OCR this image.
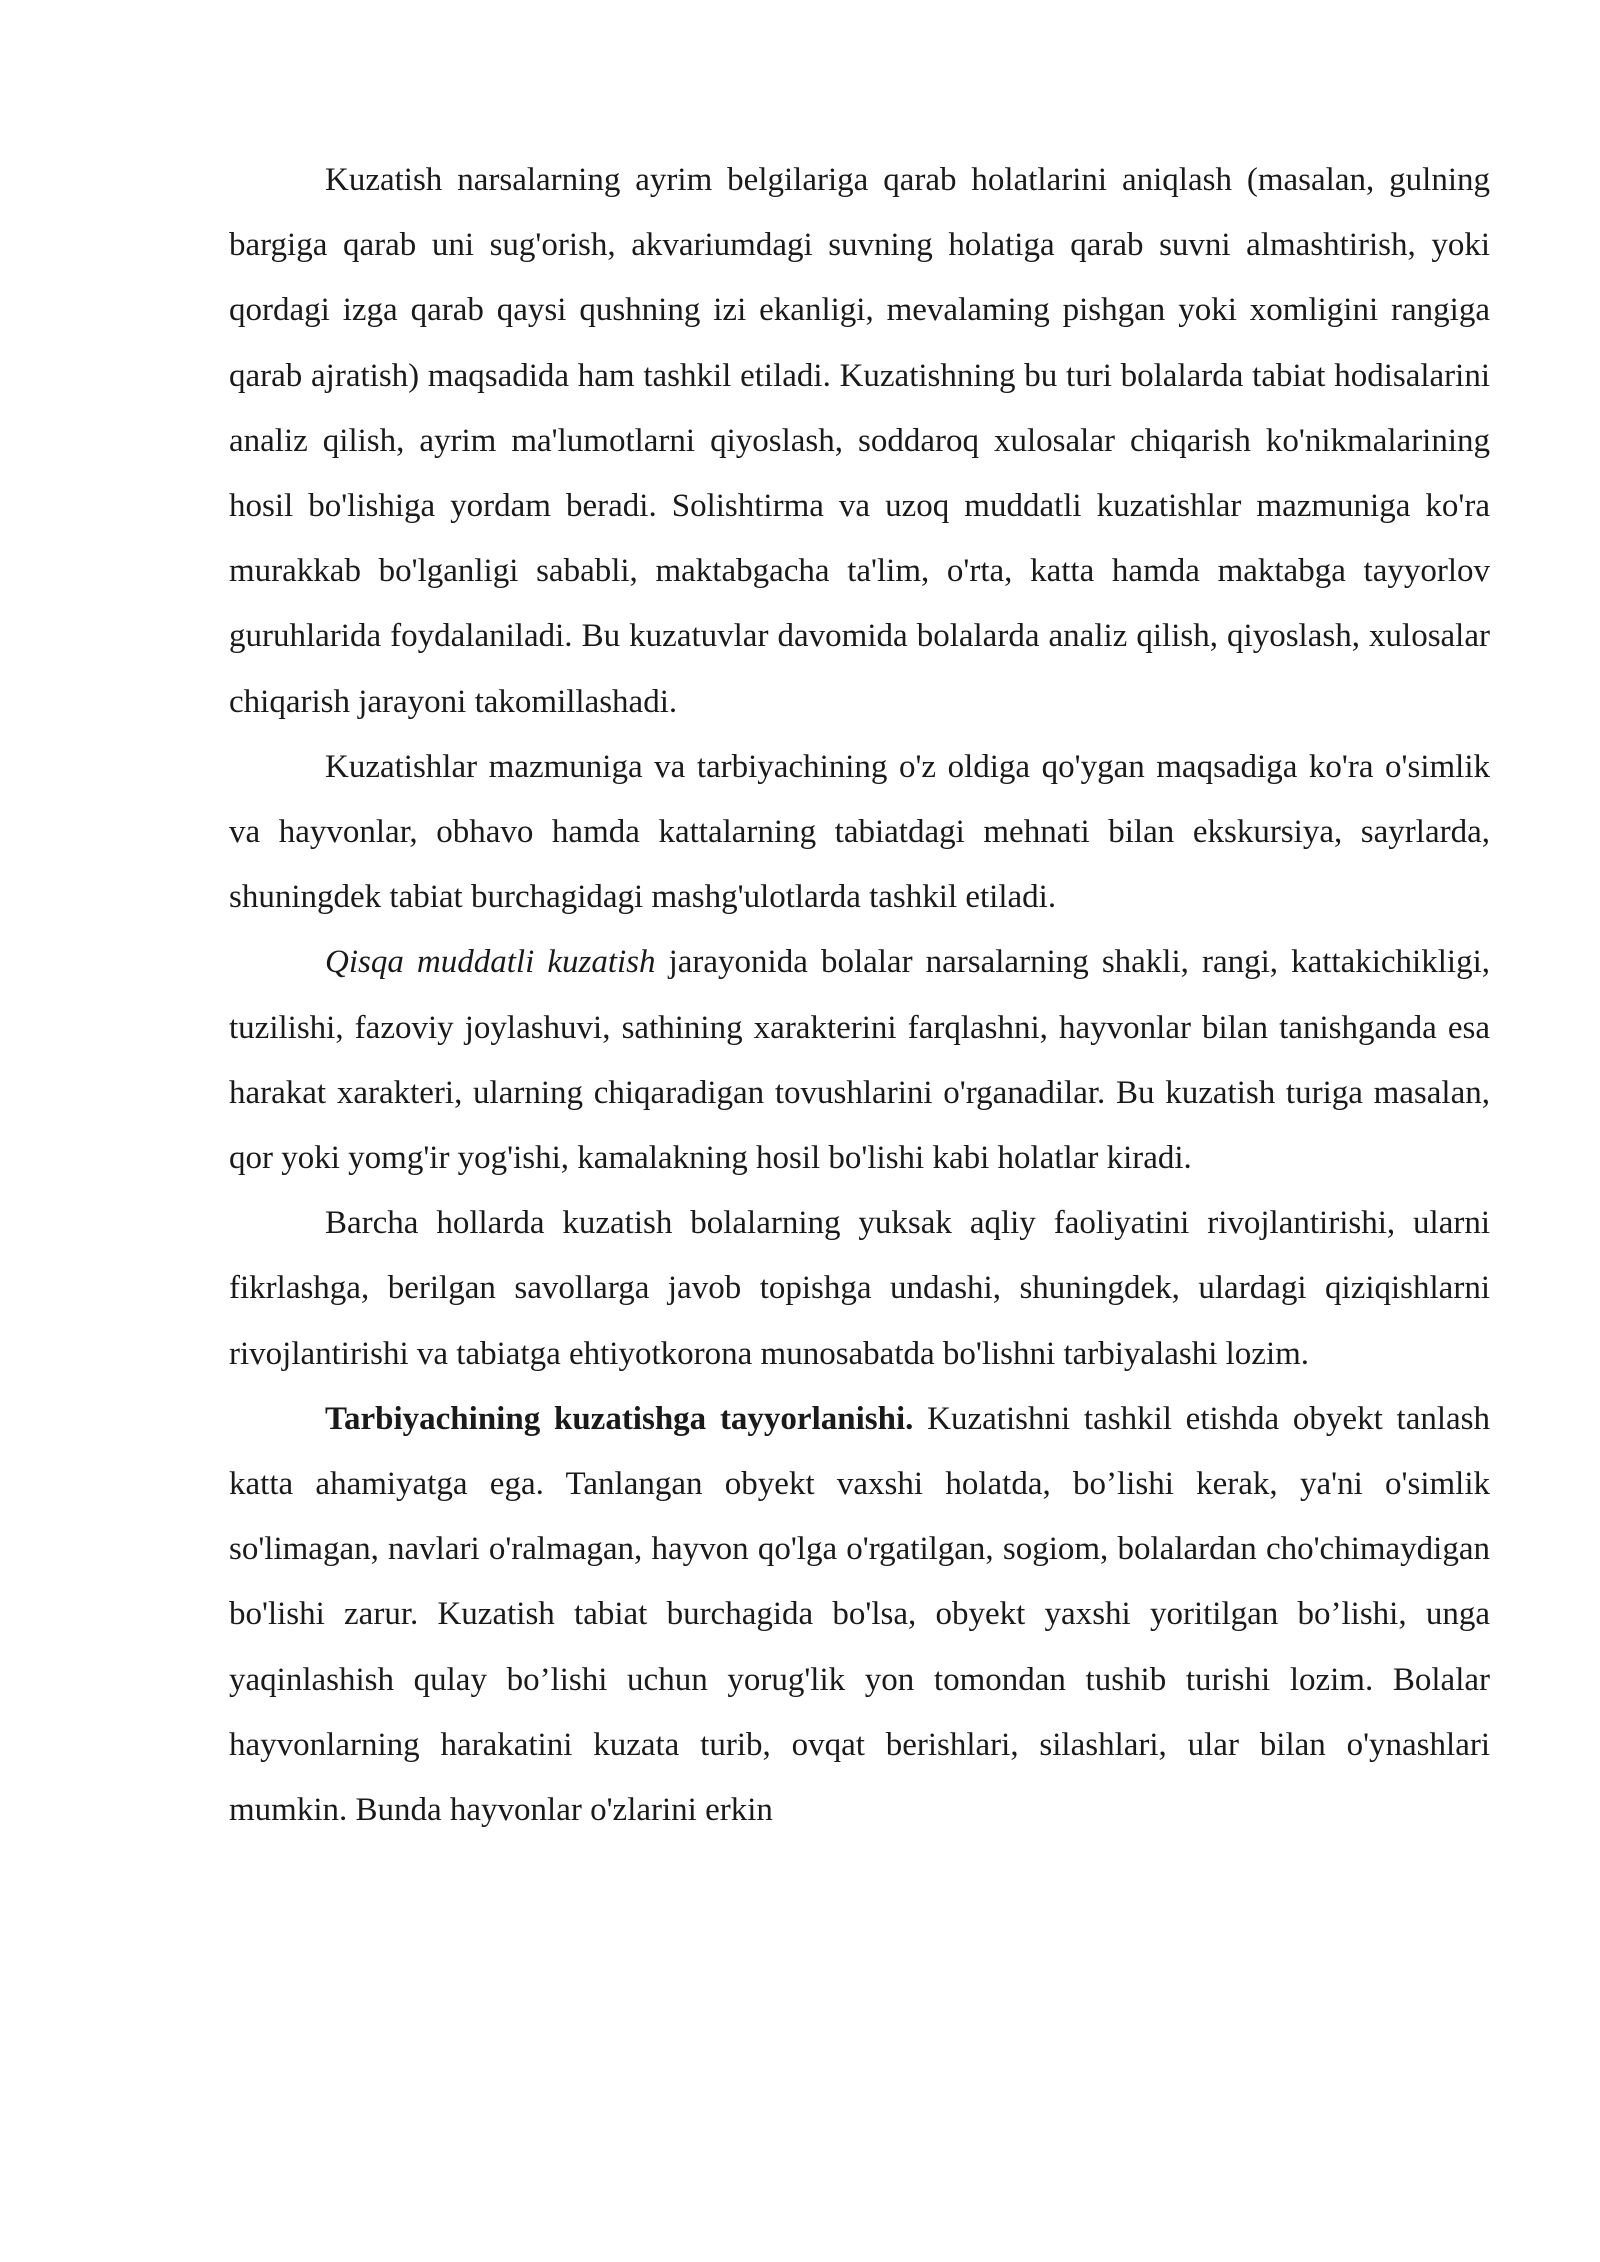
Kuzatish narsalarning ayrim belgilariga qarab holatlarini aniqlash (masalan, gulning bargiga qarab uni sug'orish, akvariumdagi suvning holatiga qarab suvni almashtirish, yoki qordagi izga qarab qaysi qushning izi ekanligi, mevalaming pishgan yoki xomligini rangiga qarab ajratish) maqsadida ham tashkil etiladi. Kuzatishning bu turi bolalarda tabiat hodisalarini analiz qilish, ayrim ma'lumotlarni qiyoslash, soddaroq xulosalar chiqarish ko'nikmalarining hosil bo'lishiga yordam beradi. Solishtirma va uzoq muddatli kuzatishlar mazmuniga ko'ra murakkab bo'lganligi sababli, maktabgacha ta'lim, o'rta, katta hamda maktabga tayyorlov guruhlarida foydalaniladi. Bu kuzatuvlar davomida bolalarda analiz qilish, qiyoslash, xulosalar chiqarish jarayoni takomillashadi.

Kuzatishlar mazmuniga va tarbiyachining o'z oldiga qo'ygan maqsadiga ko'ra o'simlik va hayvonlar, obhavo hamda kattalarning tabiatdagi mehnati bilan ekskursiya, sayrlarda, shuningdek tabiat burchagidagi mashg'ulotlarda tashkil etiladi.

Qisqa muddatli kuzatish jarayonida bolalar narsalarning shakli, rangi, kattakichikligi, tuzilishi, fazoviy joylashuvi, sathining xarakterini farqlashni, hayvonlar bilan tanishganda esa harakat xarakteri, ularning chiqaradigan tovushlarini o'rganadilar. Bu kuzatish turiga masalan, qor yoki yomg'ir yog'ishi, kamalakning hosil bo'lishi kabi holatlar kiradi.

Barcha hollarda kuzatish bolalarning yuksak aqliy faoliyatini rivojlantirishi, ularni fikrlashga, berilgan savollarga javob topishga undashi, shuningdek, ulardagi qiziqishlarni rivojlantirishi va tabiatga ehtiyotkorona munosabatda bo'lishni tarbiyalashi lozim.

Tarbiyachining kuzatishga tayyorlanishi. Kuzatishni tashkil etishda obyekt tanlash katta ahamiyatga ega. Tanlangan obyekt vaxshi holatda, bo’lishi kerak, ya'ni o'simlik so'limagan, navlari o'ralmagan, hayvon qo'lga o'rgatilgan, sogiom, bolalardan cho'chimaydigan bo'lishi zarur. Kuzatish tabiat burchagida bo'lsa, obyekt yaxshi yoritilgan bo’lishi, unga yaqinlashish qulay bo’lishi uchun yorug'lik yon tomondan tushib turishi lozim. Bolalar hayvonlarning harakatini kuzata turib, ovqat berishlari, silashlari, ular bilan o'ynashlari mumkin. Bunda hayvonlar o'zlarini erkin
